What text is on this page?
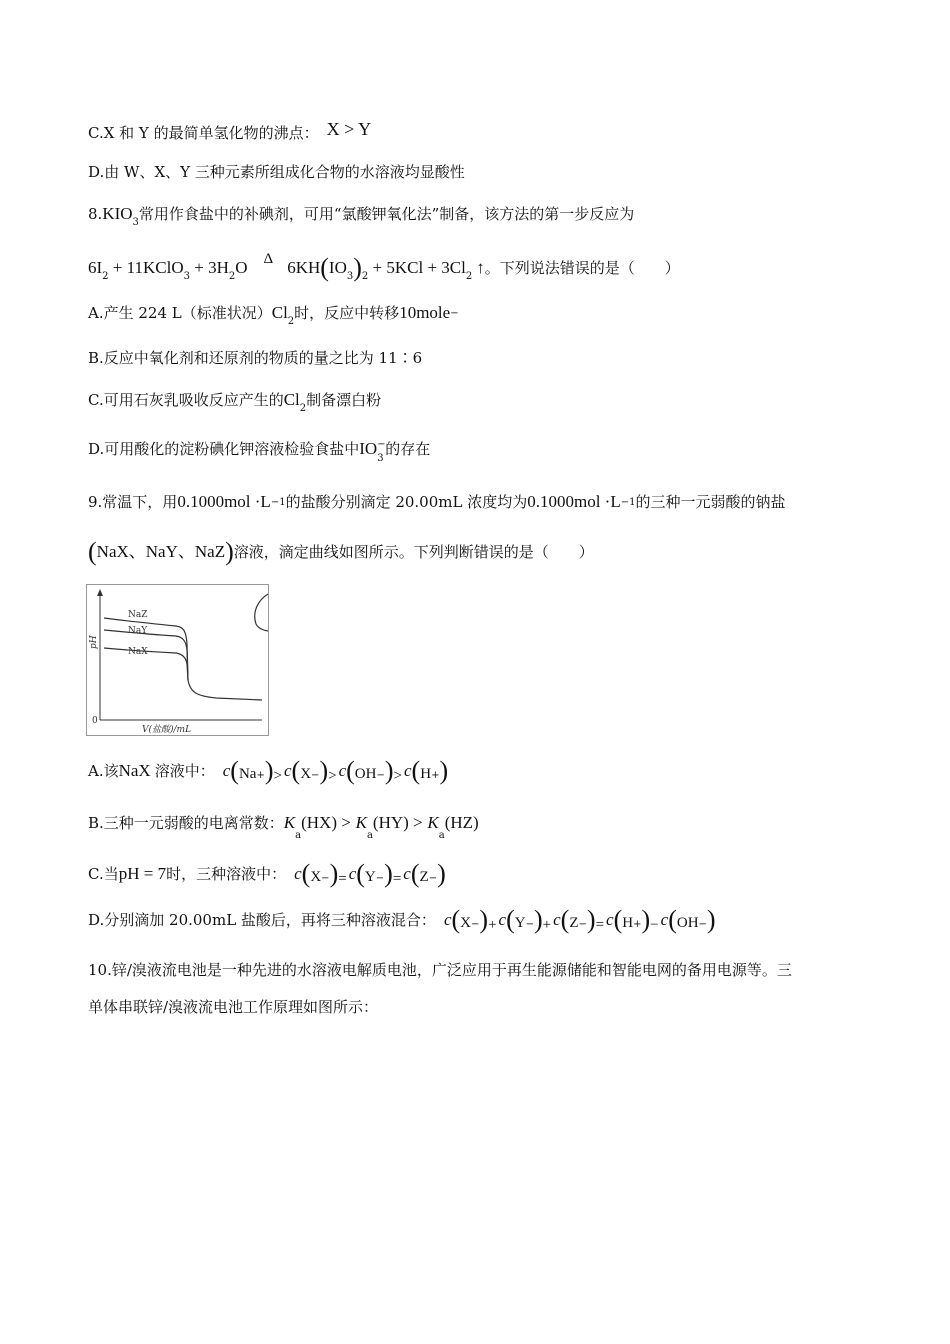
C.X 和 Y 的最简单氢化物的沸点： X > Y
D.由 W、X、Y 三种元素所组成化合物的水溶液均显酸性
$8.KIO_3$常用作食盐中的补碘剂，可用“氯酸钾氧化法”制备，该方法的第一步反应为
$6I_2$ + 11KClO$_3$ + $3H_2O$ Δ $6KH(IO_3)_2 + 5KCl + 3Cl_2$ ↑。下列说法错误的是（　　）
A.产生 224 L（标准状况）$Cl_2$时，反应中转移10mole−
B.反应中氧化剂和还原剂的物质的量之比为 11∶6
C.可用石灰乳吸收反应产生的$Cl_2$制备漂白粉
D.可用酸化的淀粉碘化钾溶液检验食盐中IO −
3
的存在
9.常温下，用$0.1000mol \cdot L^{-1}$的盐酸分别滴定 20.00mL 浓度均为$0.1000mol \cdot L^{-1}$的三种一元弱酸的钠盐
(NaX、NaY、NaZ)溶液，滴定曲线如图所示。下列判断错误的是（　　）
pH
0
V(盐酸)/mL
NaZ
NaY
NaX
A.该NaX 溶液中： c(Na+)> c(X−)> c(OH−)> c(H+)
B.三种一元弱酸的电离常数：$K_a(HX) > K_a(HY) > K_a(HZ)$
C.当pH = 7时，三种溶液中： c(X−)= c(Y−)= c(Z−)
D.分别滴加 20.00mL 盐酸后，再将三种溶液混合： c(X−)+ c(Y−)+ c(Z−)= c(H+)− c(OH−)
10.锌/溴液流电池是一种先进的水溶液电解质电池，广泛应用于再生能源储能和智能电网的备用电源等。三
单体串联锌/溴液流电池工作原理如图所示：
